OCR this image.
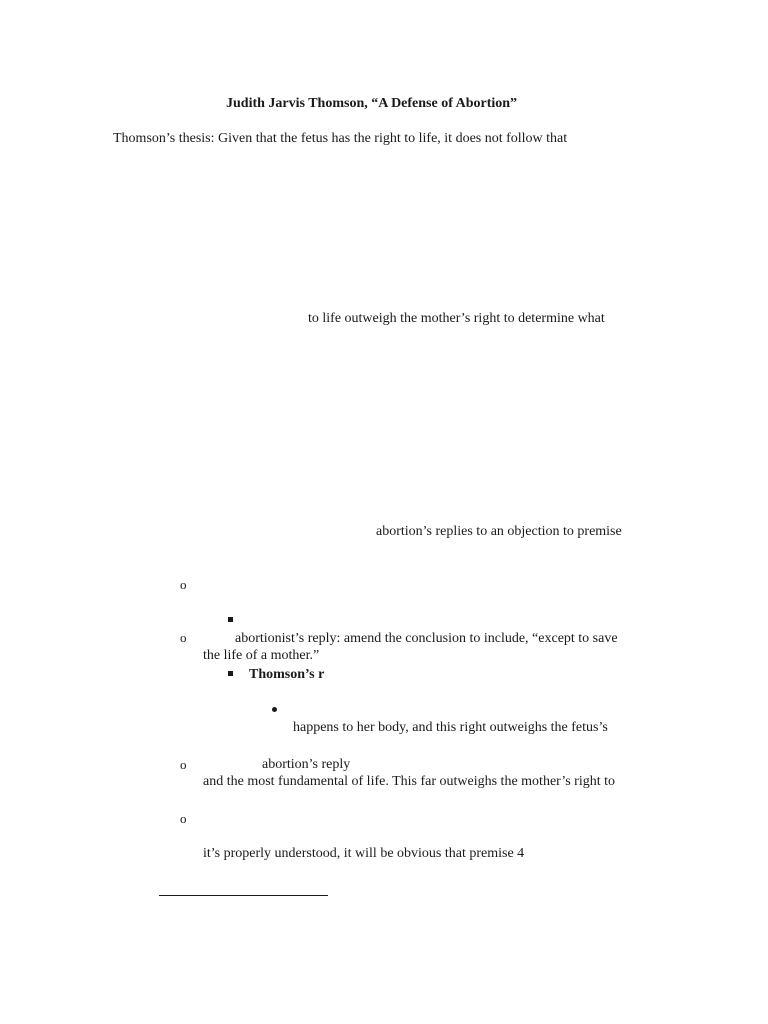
Judith Jarvis Thomson, “A Defense of Abortion”
Thomson’s thesis: Given that the fetus has the right to life, it does not follow that
to life outweigh the mother’s right to determine what
abortion’s replies to an objection to premise
o
o	abortionist’s reply: amend the conclusion to include, “except to save
the life of a mother.”
Thomson’s r
happens to her body, and this right outweighs the fetus’s
o	abortion’s reply
and the most fundamental of life. This far outweighs the mother’s right to
o
it’s properly understood, it will be obvious that premise 4
